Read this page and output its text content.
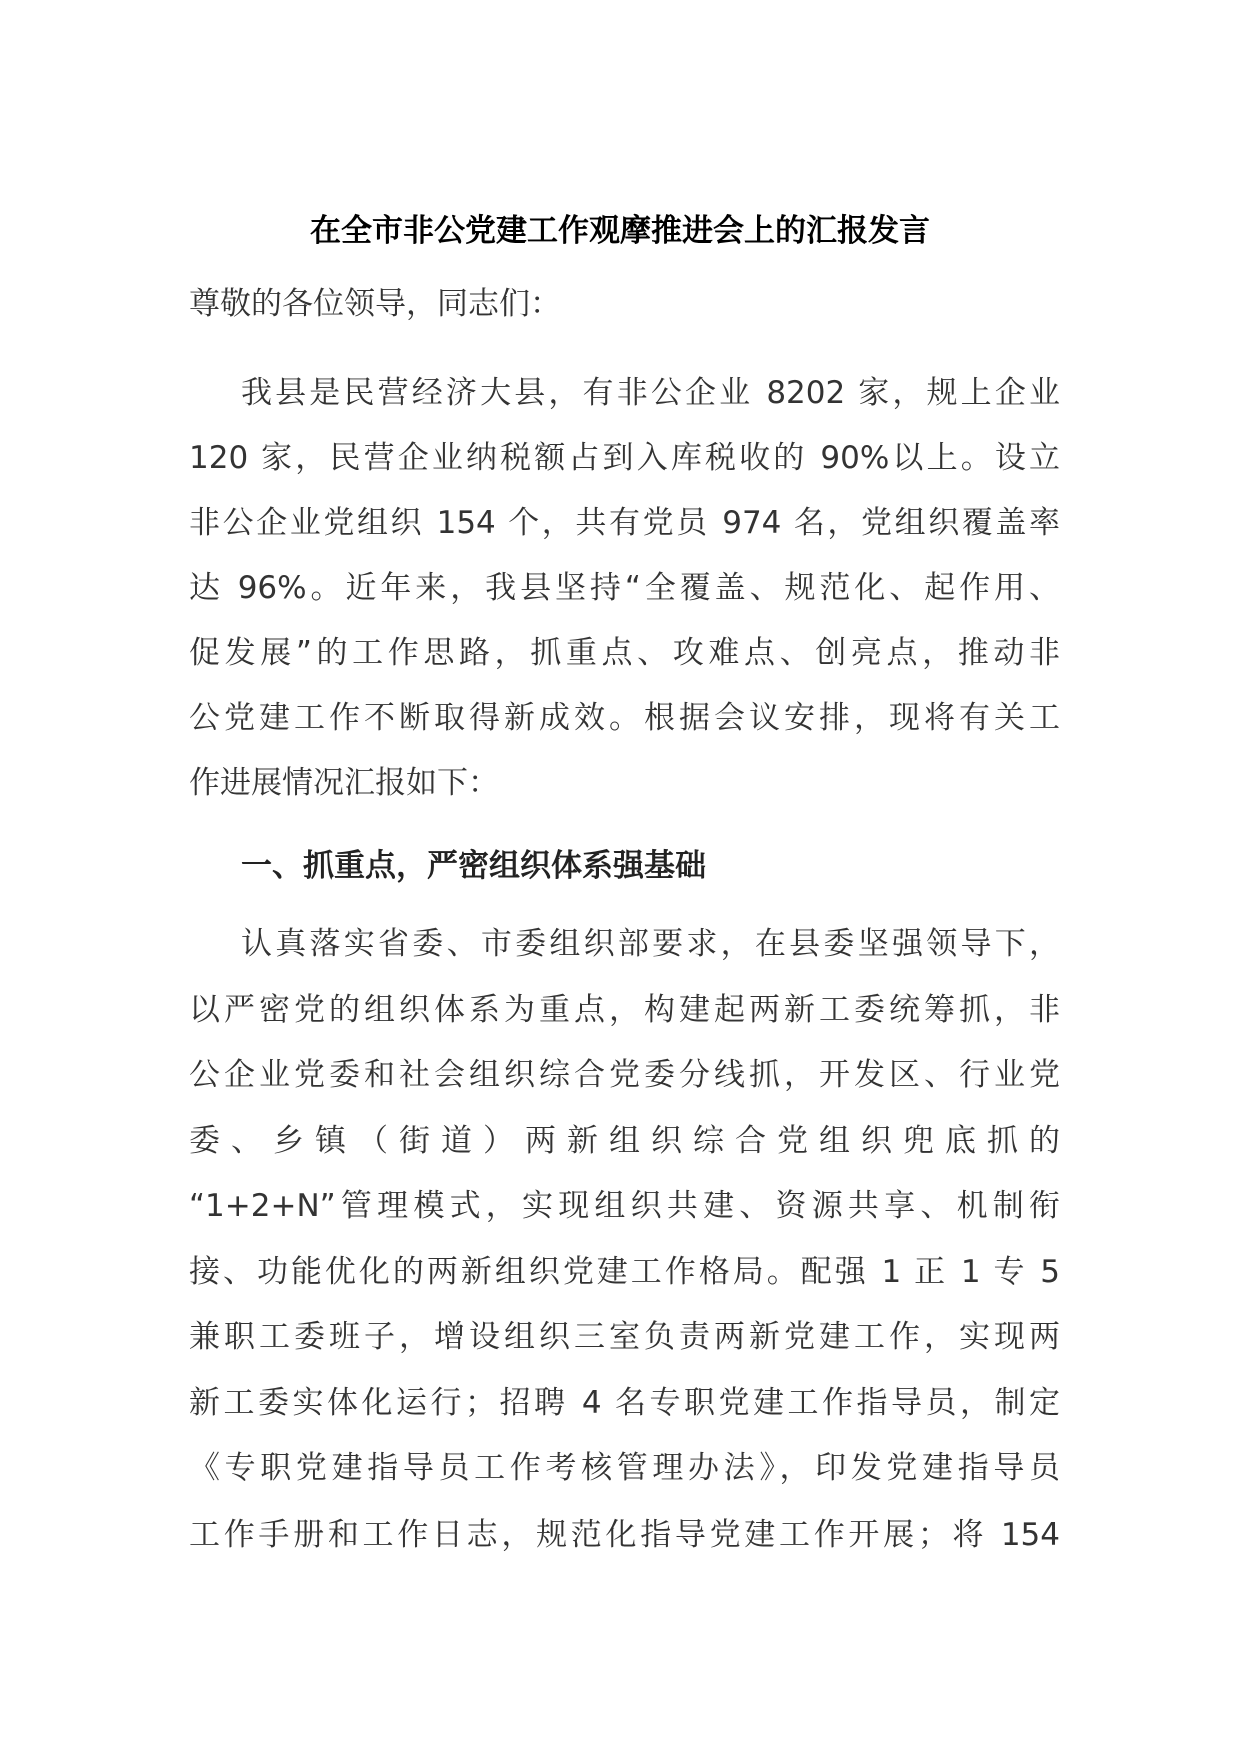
在全市非公党建工作观摩推进会上的汇报发言
尊敬的各位领导，同志们：
我县是民营经济大县，有非公企业 8202 家，规上企业
120 家，民营企业纳税额占到入库税收的 90%以上。设立
非公企业党组织 154 个，共有党员 974 名，党组织覆盖率
达 96%。近年来，我县坚持“全覆盖、规范化、起作用、
促发展”的工作思路，抓重点、攻难点、创亮点，推动非
公党建工作不断取得新成效。根据会议安排，现将有关工
作进展情况汇报如下：
一、抓重点，严密组织体系强基础
认真落实省委、市委组织部要求，在县委坚强领导下，
以严密党的组织体系为重点，构建起两新工委统筹抓，非
公企业党委和社会组织综合党委分线抓，开发区、行业党
委、乡镇（街道）两新组织综合党组织兜底抓的
“1+2+N”管理模式，实现组织共建、资源共享、机制衔
接、功能优化的两新组织党建工作格局。配强 1 正 1 专 5
兼职工委班子，增设组织三室负责两新党建工作，实现两
新工委实体化运行；招聘 4 名专职党建工作指导员，制定
《专职党建指导员工作考核管理办法》，印发党建指导员
工作手册和工作日志，规范化指导党建工作开展；将 154
